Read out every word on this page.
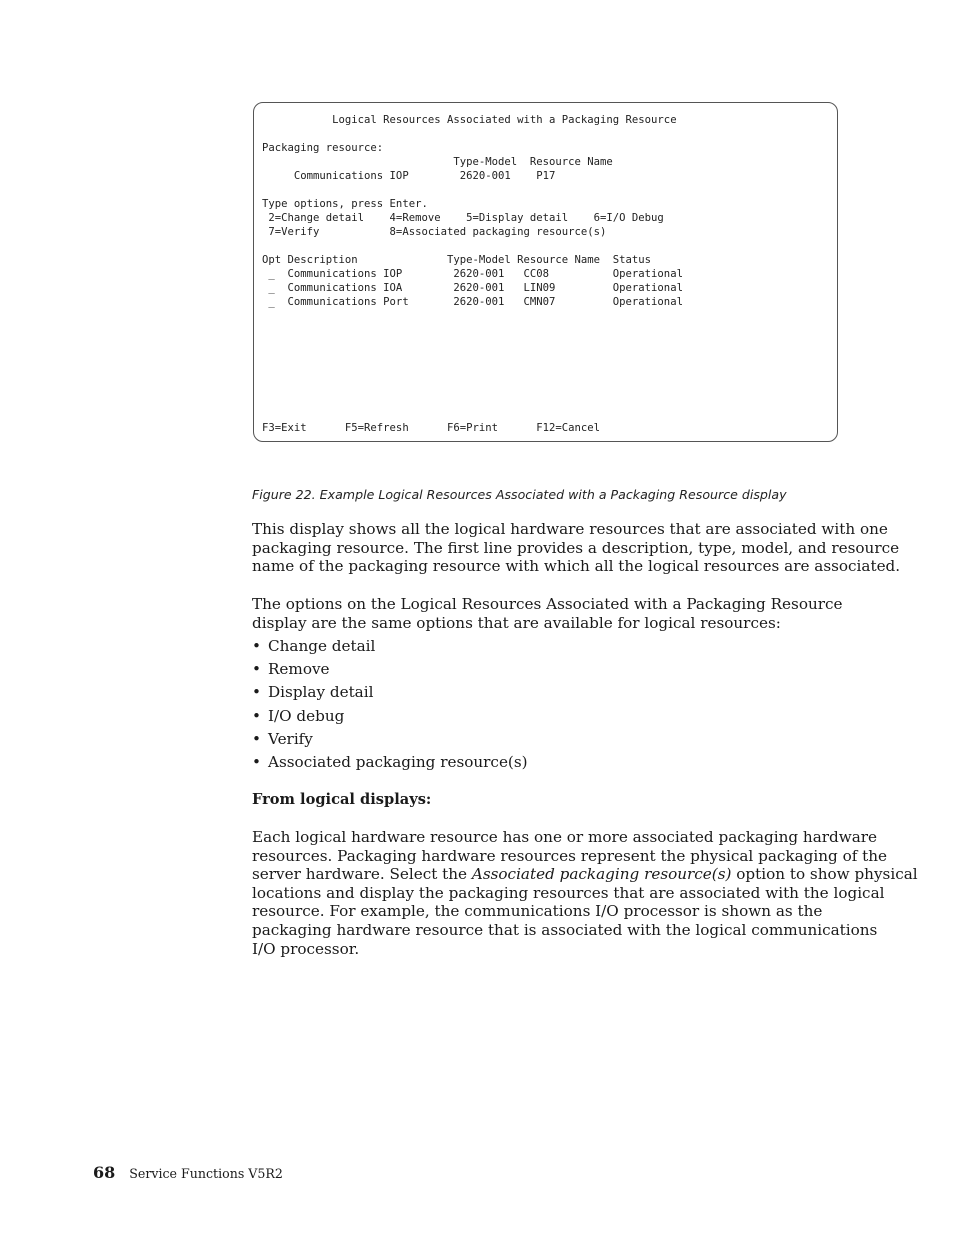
Logical Resources Associated with a Packaging Resource
Packaging resource:
Type-Model  Resource Name
Communications IOP        2620-001    P17
Type options, press Enter.
2=Change detail    4=Remove    5=Display detail    6=I/O Debug
7=Verify           8=Associated packaging resource(s)
Opt Description              Type-Model Resource Name  Status
_  Communications IOP        2620-001   CC08          Operational
_  Communications IOA        2620-001   LIN09         Operational
_  Communications Port       2620-001   CMN07         Operational
F3=Exit      F5=Refresh      F6=Print      F12=Cancel
Figure 22. Example Logical Resources Associated with a Packaging Resource display
This display shows all the logical hardware resources that are associated with one
packaging resource. The first line provides a description, type, model, and resource
name of the packaging resource with which all the logical resources are associated.
The options on the Logical Resources Associated with a Packaging Resource
display are the same options that are available for logical resources:
• Change detail
• Remove
• Display detail
• I/O debug
• Verify
• Associated packaging resource(s)
From logical displays:
Each logical hardware resource has one or more associated packaging hardware
resources. Packaging hardware resources represent the physical packaging of the
server hardware. Select the Associated packaging resource(s) option to show physical
locations and display the packaging resources that are associated with the logical
resource. For example, the communications I/O processor is shown as the
packaging hardware resource that is associated with the logical communications
I/O processor.
68 Service Functions V5R2
